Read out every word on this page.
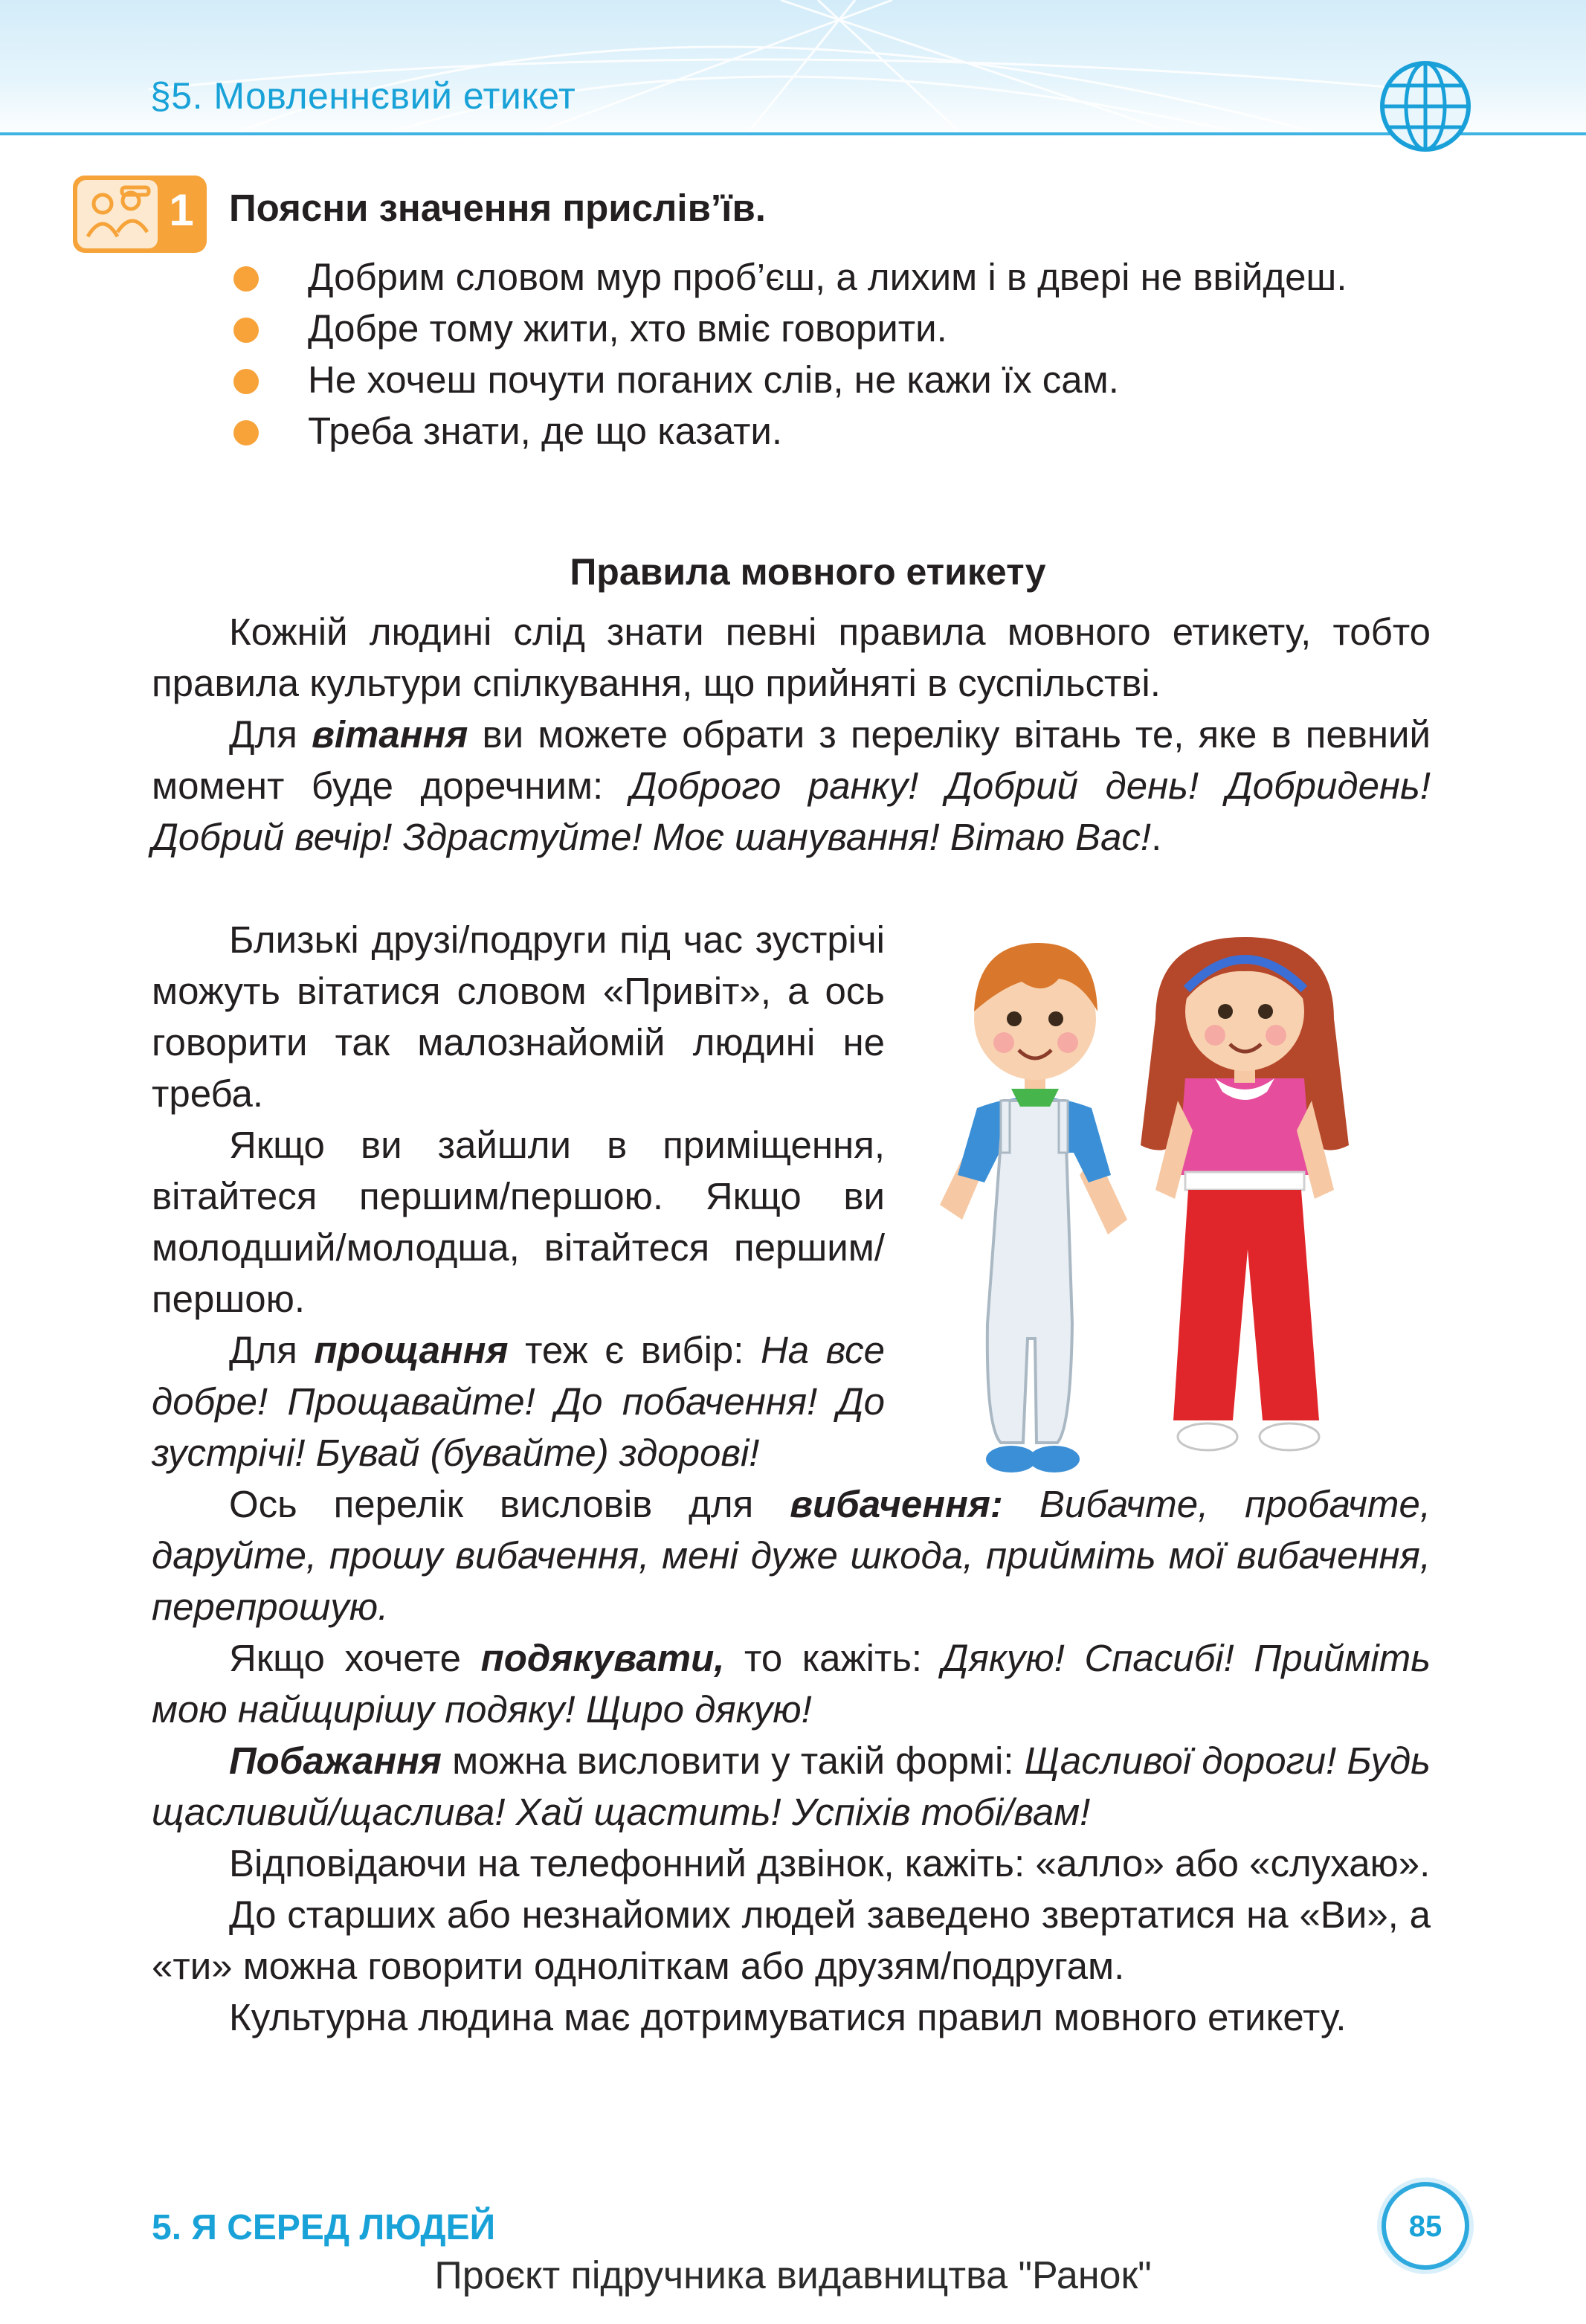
§5. Мовленнєвий етикет
1 Поясни значення прислів’їв.
Добрим словом мур проб’єш, а лихим і в двері не ввійдеш.
Добре тому жити, хто вміє говорити.
Не хочеш почути поганих слів, не кажи їх сам.
Треба знати, де що казати.
Правила мовного етикету

Кожній людині слід знати певні правила мовного етикету, тобто правила культури спілкування, що прийняті в суспільстві.

Для вітання ви можете обрати з переліку вітань те, яке в певний момент буде доречним: Доброго ранку! Добрий день! Добридень! Добрий вечір! Здрастуйте! Моє шанування! Вітаю Вас!.

Близькі друзі/подруги під час зустрічі можуть вітатися словом «Привіт», а ось говорити так малознайомій людині не треба.

Якщо ви зайшли в приміщення, вітайтеся першим/першою. Якщо ви молодший/молодша, вітайтеся першим/першою.

Для прощання теж є вибір: На все добре! Прощавайте! До побачення! До зустрічі! Бувай (бувайте) здорові!

Ось перелік висловів для вибачення: Вибачте, пробачте, даруйте, прошу вибачення, мені дуже шкода, прийміть мої вибачення, перепрошую.

Якщо хочете подякувати, то кажіть: Дякую! Спасибі! Прийміть мою найщирішу подяку! Щиро дякую!

Побажання можна висловити у такій формі: Щасливої дороги! Будь щасливий/щаслива! Хай щастить! Успіхів тобі/вам!

Відповідаючи на телефонний дзвінок, кажіть: «алло» або «слухаю».

До старших або незнайомих людей заведено звертатися на «Ви», а «ти» можна говорити одноліткам або друзям/подругам.

Культурна людина має дотримуватися правил мовного етикету.

5. Я СЕРЕД ЛЮДЕЙ	85
Проєкт підручника видавництва "Ранок"
